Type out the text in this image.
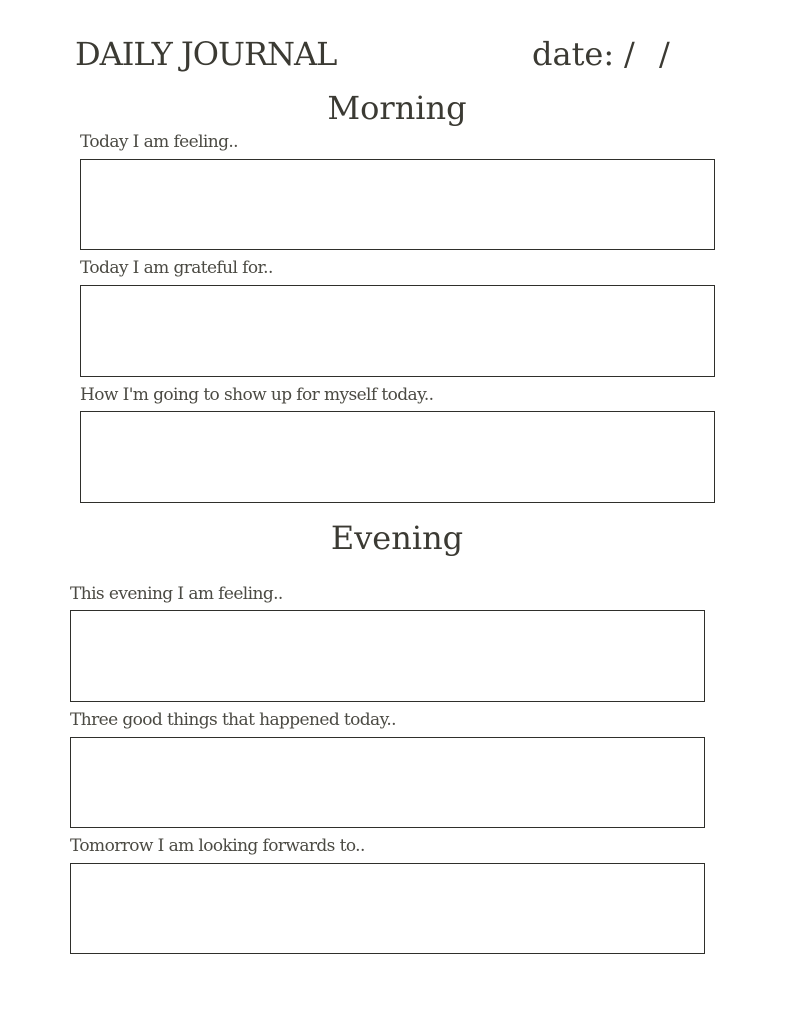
DAILY JOURNAL	date: / /
Morning
Today I am feeling..
Today I am grateful for..
How I'm going to show up for myself today..
Evening
This evening I am feeling..
Three good things that happened today..
Tomorrow I am looking forwards to..
